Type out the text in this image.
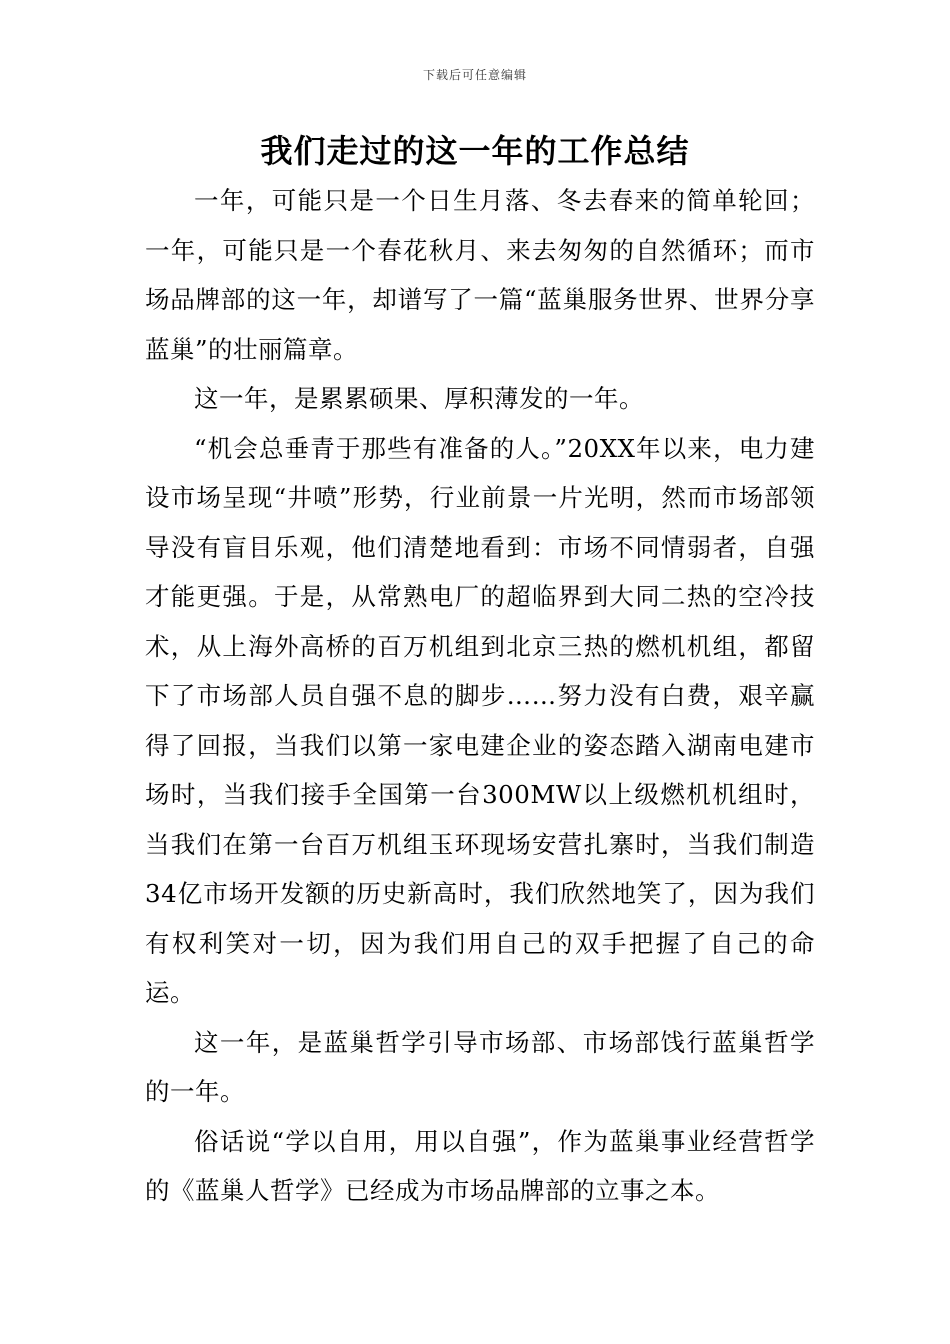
下载后可任意编辑
我们走过的这一年的工作总结

一年，可能只是一个日生月落、冬去春来的简单轮回；一年，可能只是一个春花秋月、来去匆匆的自然循环；而市场品牌部的这一年，却谱写了一篇“蓝巢服务世界、世界分享蓝巢”的壮丽篇章。

这一年，是累累硕果、厚积薄发的一年。

“机会总垂青于那些有准备的人。”20XX年以来，电力建设市场呈现“井喷”形势，行业前景一片光明，然而市场部领导没有盲目乐观，他们清楚地看到：市场不同情弱者，自强才能更强。于是，从常熟电厂的超临界到大同二热的空冷技术，从上海外高桥的百万机组到北京三热的燃机机组，都留下了市场部人员自强不息的脚步……努力没有白费，艰辛赢得了回报，当我们以第一家电建企业的姿态踏入湖南电建市场时，当我们接手全国第一台300MW以上级燃机机组时，当我们在第一台百万机组玉环现场安营扎寨时，当我们制造34亿市场开发额的历史新高时，我们欣然地笑了，因为我们有权利笑对一切，因为我们用自己的双手把握了自己的命运。

这一年，是蓝巢哲学引导市场部、市场部饯行蓝巢哲学的一年。

俗话说“学以自用，用以自强”，作为蓝巢事业经营哲学的《蓝巢人哲学》已经成为市场品牌部的立事之本。
